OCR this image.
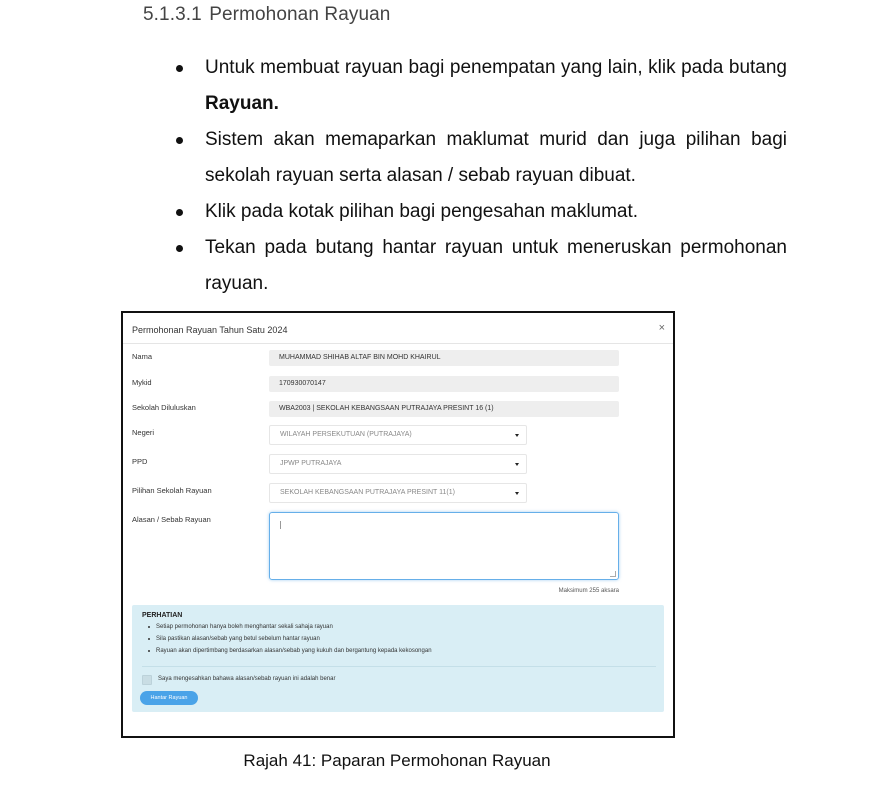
5.1.3.1 Permohonan Rayuan
Untuk membuat rayuan bagi penempatan yang lain, klik pada butang Rayuan.
Sistem akan memaparkan maklumat murid dan juga pilihan bagi sekolah rayuan serta alasan / sebab rayuan dibuat.
Klik pada kotak pilihan bagi pengesahan maklumat.
Tekan pada butang hantar rayuan untuk meneruskan permohonan rayuan.
Permohonan Rayuan Tahun Satu 2024	×
Nama	MUHAMMAD SHIHAB ALTAF BIN MOHD KHAIRUL
Mykid	170930070147
Sekolah Diluluskan	WBA2003 | SEKOLAH KEBANGSAAN PUTRAJAYA PRESINT 16 (1)
Negeri	WILAYAH PERSEKUTUAN (PUTRAJAYA)
PPD	JPWP PUTRAJAYA
Pilihan Sekolah Rayuan	SEKOLAH KEBANGSAAN PUTRAJAYA PRESINT 11(1)
Alasan / Sebab Rayuan
Maksimum 255 aksara
PERHATIAN
Setiap permohonan hanya boleh menghantar sekali sahaja rayuan
Sila pastikan alasan/sebab yang betul sebelum hantar rayuan
Rayuan akan dipertimbang berdasarkan alasan/sebab yang kukuh dan bergantung kepada kekosongan
Saya mengesahkan bahawa alasan/sebab rayuan ini adalah benar
Hantar Rayuan
Rajah 41: Paparan Permohonan Rayuan
